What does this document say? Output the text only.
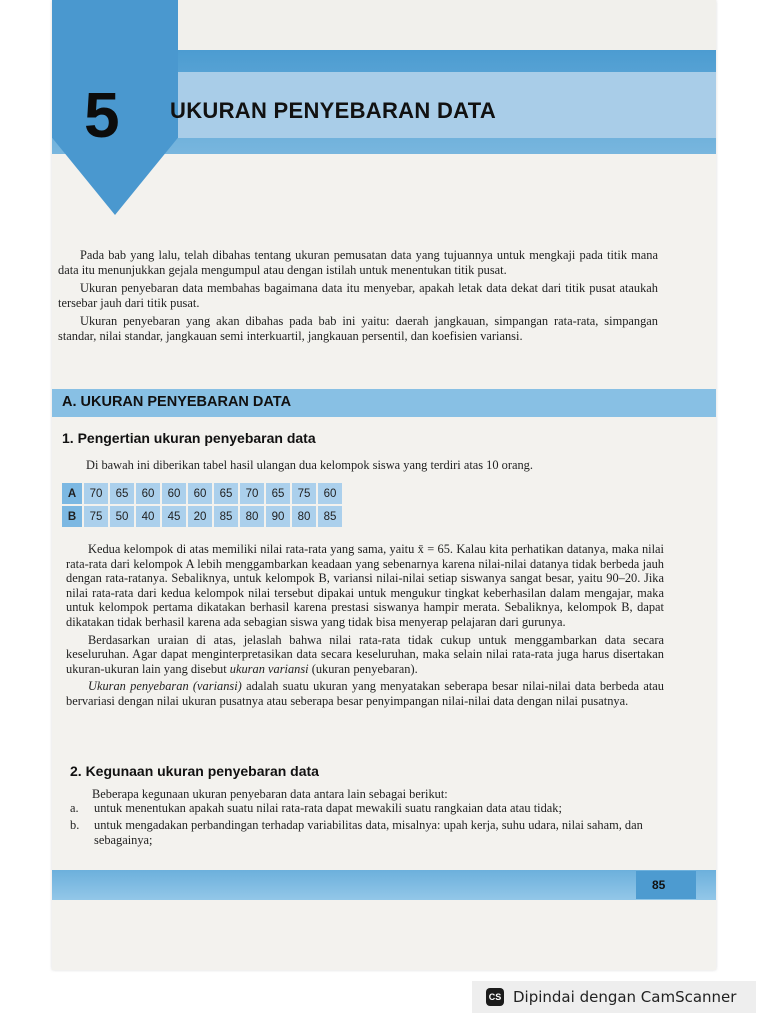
5 UKURAN PENYEBARAN DATA

Pada bab yang lalu, telah dibahas tentang ukuran pemusatan data yang tujuannya untuk mengkaji pada titik mana data itu menunjukkan gejala mengumpul atau dengan istilah untuk menentukan titik pusat.

Ukuran penyebaran data membahas bagaimana data itu menyebar, apakah letak data dekat dari titik pusat ataukah tersebar jauh dari titik pusat.

Ukuran penyebaran yang akan dibahas pada bab ini yaitu: daerah jangkauan, simpangan rata-rata, simpangan standar, nilai standar, jangkauan semi interkuartil, jangkauan persentil, dan koefisien variansi.

A. UKURAN PENYEBARAN DATA
1. Pengertian ukuran penyebaran data
Di bawah ini diberikan tabel hasil ulangan dua kelompok siswa yang terdiri atas 10 orang.
A	70	65	60	60	60	65	70	65	75	60
B	75	50	40	45	20	85	80	90	80	85

Kedua kelompok di atas memiliki nilai rata-rata yang sama, yaitu x̄ = 65. Kalau kita perhatikan datanya, maka nilai rata-rata dari kelompok A lebih menggambarkan keadaan yang sebenarnya karena nilai-nilai datanya tidak berbeda jauh dengan rata-ratanya. Sebaliknya, untuk kelompok B, variansi nilai-nilai setiap siswanya sangat besar, yaitu 90–20. Jika nilai rata-rata dari kedua kelompok nilai tersebut dipakai untuk mengukur tingkat keberhasilan dalam mengajar, maka untuk kelompok pertama dikatakan berhasil karena prestasi siswanya hampir merata. Sebaliknya, kelompok B, dapat dikatakan tidak berhasil karena ada sebagian siswa yang tidak bisa menyerap pelajaran dari gurunya.

Berdasarkan uraian di atas, jelaslah bahwa nilai rata-rata tidak cukup untuk menggambarkan data secara keseluruhan. Agar dapat menginterpretasikan data secara keseluruhan, maka selain nilai rata-rata juga harus disertakan ukuran-ukuran lain yang disebut ukuran variansi (ukuran penyebaran).

Ukuran penyebaran (variansi) adalah suatu ukuran yang menyatakan seberapa besar nilai-nilai data berbeda atau bervariasi dengan nilai ukuran pusatnya atau seberapa besar penyimpangan nilai-nilai data dengan nilai pusatnya.

2. Kegunaan ukuran penyebaran data
Beberapa kegunaan ukuran penyebaran data antara lain sebagai berikut:
a.	untuk menentukan apakah suatu nilai rata-rata dapat mewakili suatu rangkaian data atau tidak;
b.	untuk mengadakan perbandingan terhadap variabilitas data, misalnya: upah kerja, suhu udara, nilai saham, dan sebagainya;
85
CS Dipindai dengan CamScanner
